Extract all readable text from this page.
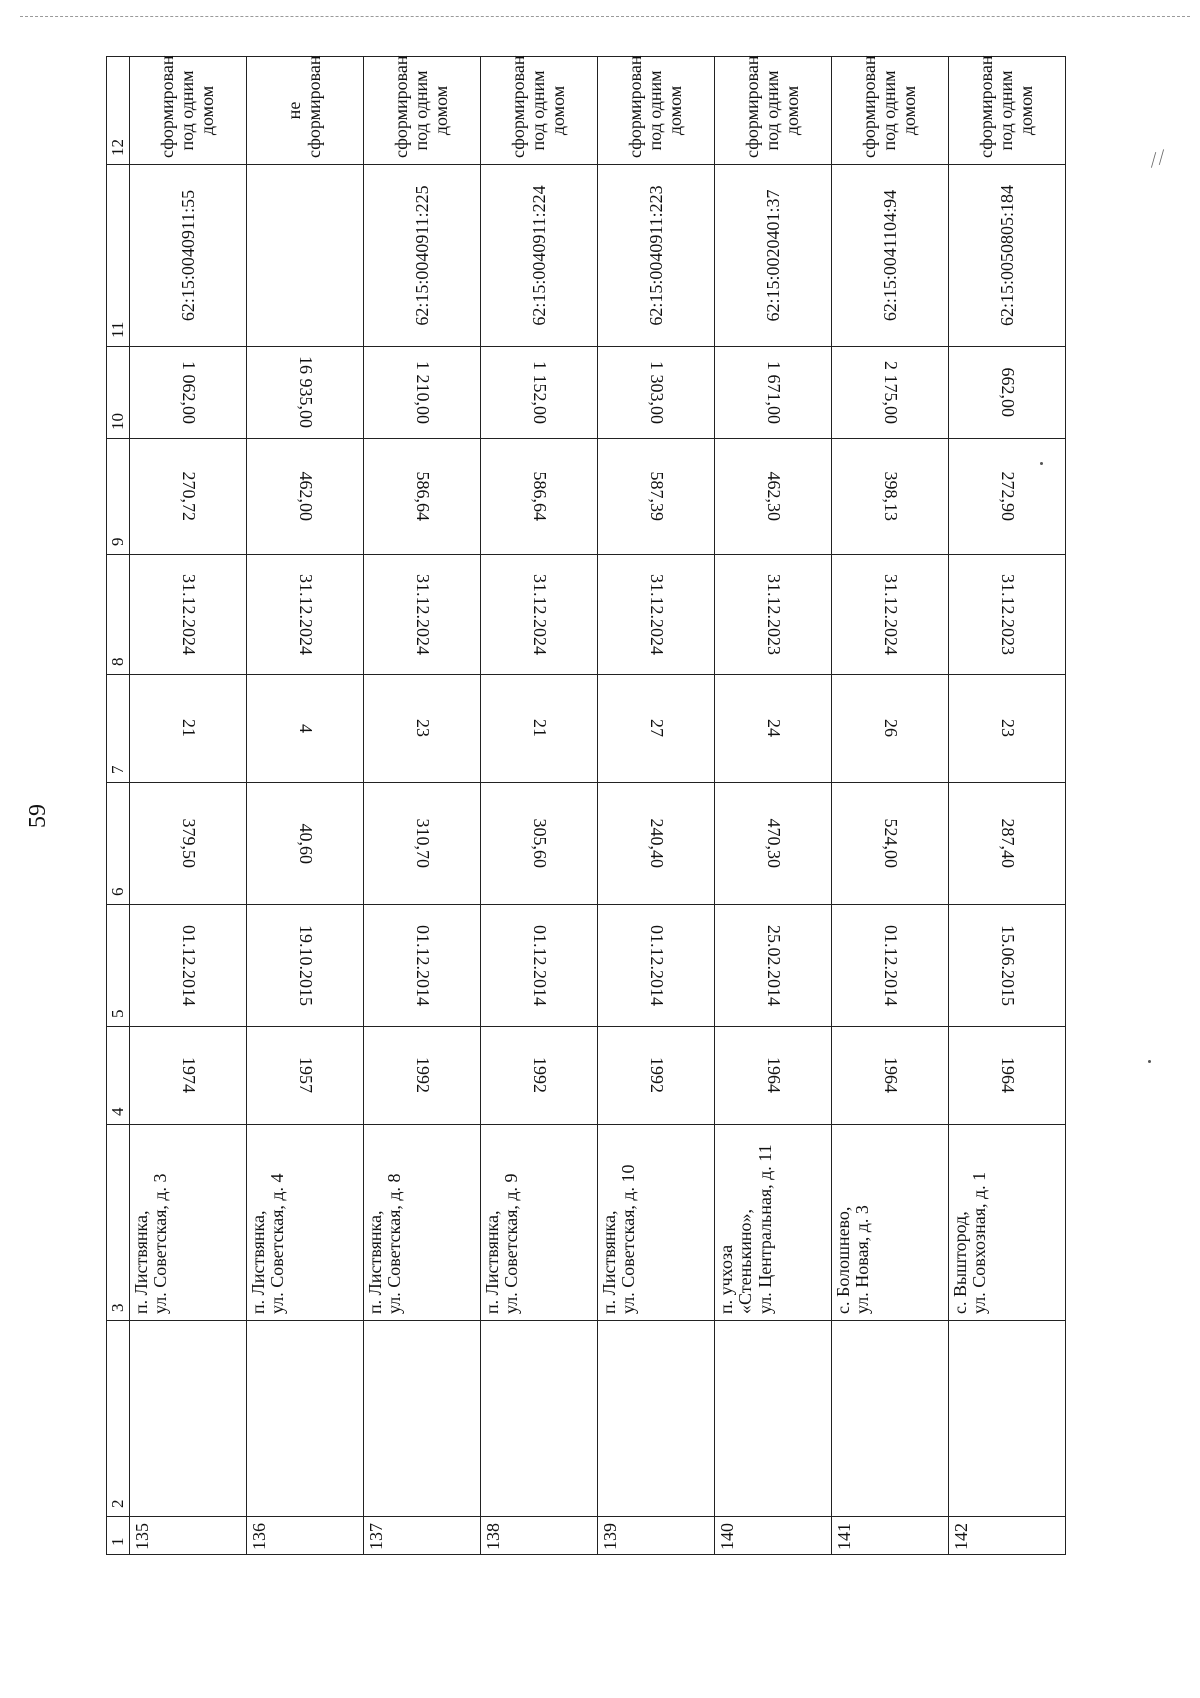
59
⁄ ⁄
1	2	3	4	5	6	7	8	9	10	11	12
135		п. Листвянка, ул. Советская, д. 3	1974	01.12.2014	379,50	21	31.12.2024	270,72	1 062,00	62:15:0040911:55	сформирован под одним домом
136		п. Листвянка, ул. Советская, д. 4	1957	19.10.2015	40,60	4	31.12.2024	462,00	16 935,00		не сформирован
137		п. Листвянка, ул. Советская, д. 8	1992	01.12.2014	310,70	23	31.12.2024	586,64	1 210,00	62:15:0040911:225	сформирован под одним домом
138		п. Листвянка, ул. Советская, д. 9	1992	01.12.2014	305,60	21	31.12.2024	586,64	1 152,00	62:15:0040911:224	сформирован под одним домом
139		п. Листвянка, ул. Советская, д. 10	1992	01.12.2014	240,40	27	31.12.2024	587,39	1 303,00	62:15:0040911:223	сформирован под одним домом
140		п. учхоза «Стенькино», ул. Центральная, д. 11	1964	25.02.2014	470,30	24	31.12.2023	462,30	1 671,00	62:15:0020401:37	сформирован под одним домом
141		с. Болошнево, ул. Новая, д. 3	1964	01.12.2014	524,00	26	31.12.2024	398,13	2 175,00	62:15:0041104:94	сформирован под одним домом
142		с. Выштород, ул. Совхозная, д. 1	1964	15.06.2015	287,40	23	31.12.2023	272,90	662,00	62:15:0050805:184	сформирован под одним домом
